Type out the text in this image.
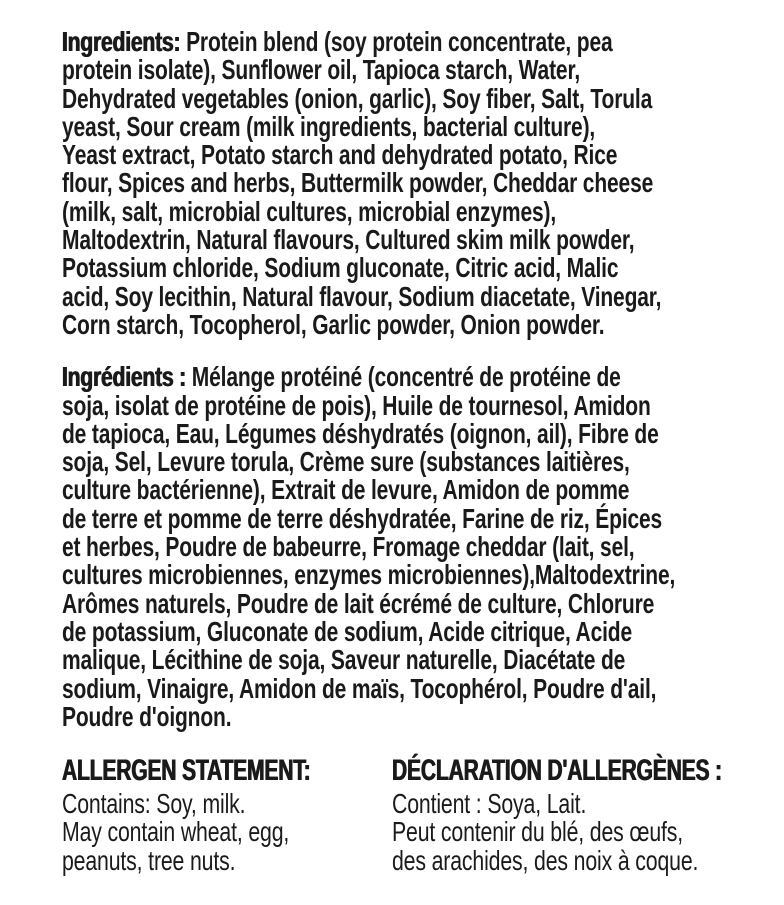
Ingredients: Protein blend (soy protein concentrate, pea
protein isolate), Sunflower oil, Tapioca starch, Water,
Dehydrated vegetables (onion, garlic), Soy fiber, Salt, Torula
yeast, Sour cream (milk ingredients, bacterial culture),
Yeast extract, Potato starch and dehydrated potato, Rice
flour, Spices and herbs, Buttermilk powder, Cheddar cheese
(milk, salt, microbial cultures, microbial enzymes),
Maltodextrin, Natural flavours, Cultured skim milk powder,
Potassium chloride, Sodium gluconate, Citric acid, Malic
acid, Soy lecithin, Natural flavour, Sodium diacetate, Vinegar,
Corn starch, Tocopherol, Garlic powder, Onion powder.
Ingrédients : Mélange protéiné (concentré de protéine de
soja, isolat de protéine de pois), Huile de tournesol, Amidon
de tapioca, Eau, Légumes déshydratés (oignon, ail), Fibre de
soja, Sel, Levure torula, Crème sure (substances laitières,
culture bactérienne), Extrait de levure, Amidon de pomme
de terre et pomme de terre déshydratée, Farine de riz, Épices
et herbes, Poudre de babeurre, Fromage cheddar (lait, sel,
cultures microbiennes, enzymes microbiennes),Maltodextrine,
Arômes naturels, Poudre de lait écrémé de culture, Chlorure
de potassium, Gluconate de sodium, Acide citrique, Acide
malique, Lécithine de soja, Saveur naturelle, Diacétate de
sodium, Vinaigre, Amidon de maïs, Tocophérol, Poudre d'ail,
Poudre d'oignon.
ALLERGEN STATEMENT:
Contains: Soy, milk.
May contain wheat, egg,
peanuts, tree nuts.
DÉCLARATION D'ALLERGÈNES :
Contient : Soya, Lait.
Peut contenir du blé, des œufs,
des arachides, des noix à coque.
